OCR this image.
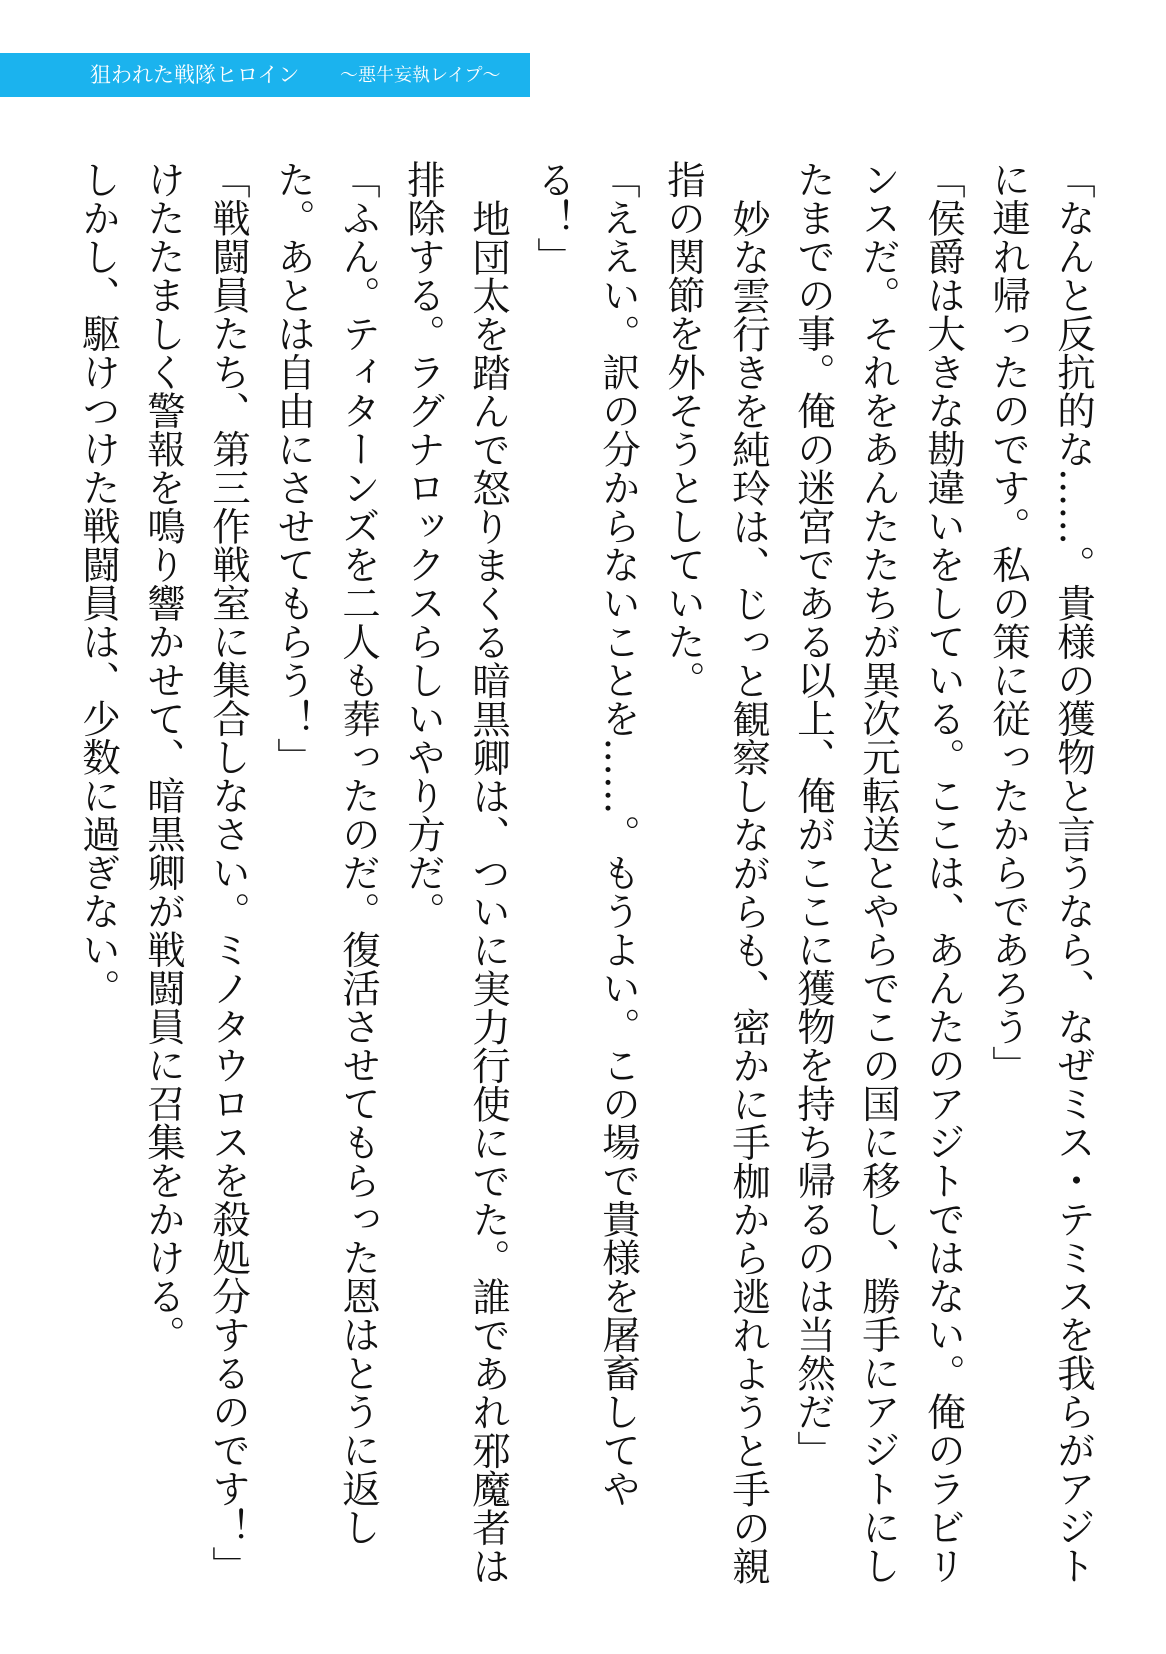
狙われた戦隊ヒロイン 〜悪牛妄執レイプ〜

「なんと反抗的な……。貴様の獲物と言うなら、なぜミス・テミスを我らがアジトに連れ帰ったのです。私の策に従ったからであろう」

「侯爵は大きな勘違いをしている。ここは、あんたのアジトではない。俺のラビリンスだ。それをあんたたちが異次元転送とやらでこの国に移し、勝手にアジトにしたまでの事。俺の迷宮である以上、俺がここに獲物を持ち帰るのは当然だ」

妙な雲行きを純玲は、じっと観察しながらも、密かに手枷から逃れようと手の親指の関節を外そうとしていた。

「ええい。訳の分からないことを……。もうよい。この場で貴様を屠畜してやる！」

地団太を踏んで怒りまくる暗黒卿は、ついに実力行使にでた。誰であれ邪魔者は排除する。ラグナロックスらしいやり方だ。

「ふん。ティターンズを二人も葬ったのだ。復活させてもらった恩はとうに返した。あとは自由にさせてもらう！」

「戦闘員たち、第三作戦室に集合しなさい。ミノタウロスを殺処分するのです！」

けたたましく警報を鳴り響かせて、暗黒卿が戦闘員に召集をかける。

しかし、駆けつけた戦闘員は、少数に過ぎない。
